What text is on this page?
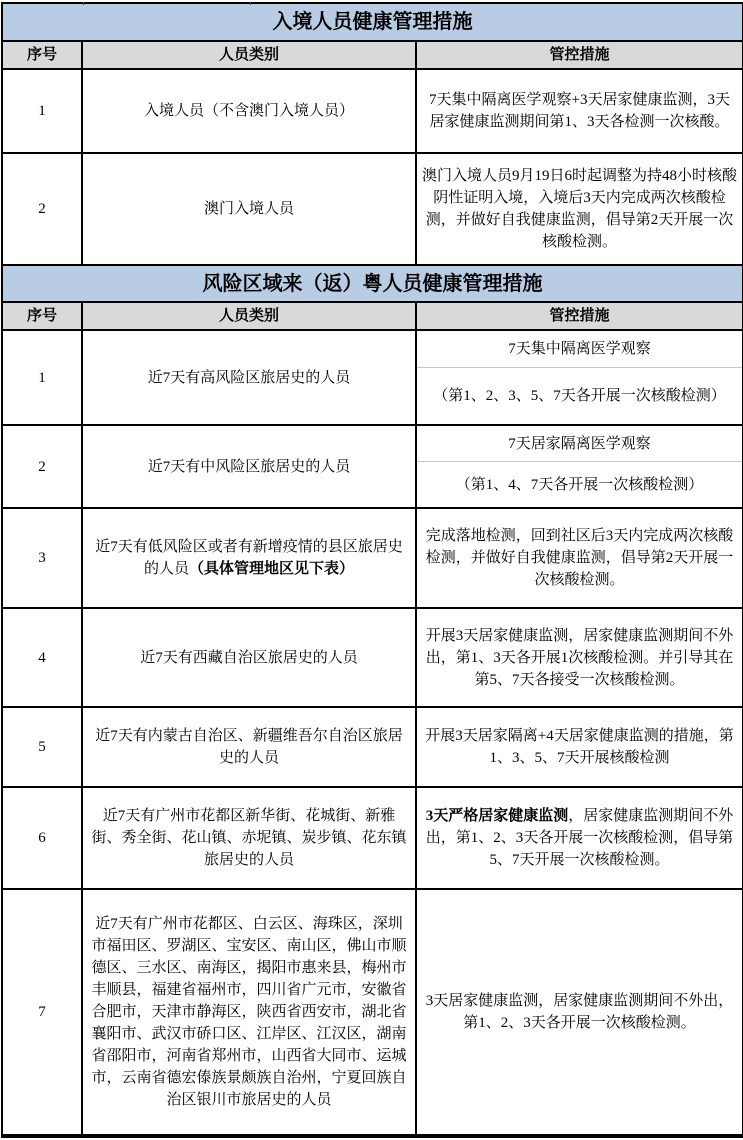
入境人员健康管理措施		
序号	人员类别	管控措施
1	入境人员（不含澳门入境人员）	7天集中隔离医学观察+3天居家健康监测，3天居家健康监测期间第1、3天各检测一次核酸。
2	澳门入境人员	澳门入境人员9月19日6时起调整为持48小时核酸阴性证明入境，入境后3天内完成两次核酸检测，并做好自我健康监测，倡导第2天开展一次核酸检测。
风险区域来（返）粤人员健康管理措施		
序号	人员类别	管控措施
1	近7天有高风险区旅居史的人员	7天集中隔离医学观察
（第1、2、3、5、7天各开展一次核酸检测）

2	近7天有中风险区旅居史的人员	7天居家隔离医学观察
（第1、4、7天各开展一次核酸检测）

3	近7天有低风险区或者有新增疫情的县区旅居史的人员（具体管理地区见下表）	完成落地检测，回到社区后3天内完成两次核酸检测，并做好自我健康监测，倡导第2天开展一次核酸检测。
4	近7天有西藏自治区旅居史的人员	开展3天居家健康监测，居家健康监测期间不外出，第1、3天各开展1次核酸检测。并引导其在第5、7天各接受一次核酸检测。
5	近7天有内蒙古自治区、新疆维吾尔自治区旅居史的人员	开展3天居家隔离+4天居家健康监测的措施，第1、3、5、7天开展核酸检测
6	近7天有广州市花都区新华街、花城街、新雅街、秀全街、花山镇、赤坭镇、炭步镇、花东镇旅居史的人员	3天严格居家健康监测，居家健康监测期间不外出，第1、2、3天各开展一次核酸检测，倡导第5、7天开展一次核酸检测。
7	近7天有广州市花都区、白云区、海珠区，深圳市福田区、罗湖区、宝安区、南山区，佛山市顺德区、三水区、南海区，揭阳市惠来县，梅州市丰顺县，福建省福州市，四川省广元市，安徽省合肥市，天津市静海区，陕西省西安市，湖北省襄阳市、武汉市硚口区、江岸区、江汉区，湖南省邵阳市，河南省郑州市，山西省大同市、运城市，云南省德宏傣族景颇族自治州，宁夏回族自治区银川市旅居史的人员	3天居家健康监测，居家健康监测期间不外出，第1、2、3天各开展一次核酸检测。
